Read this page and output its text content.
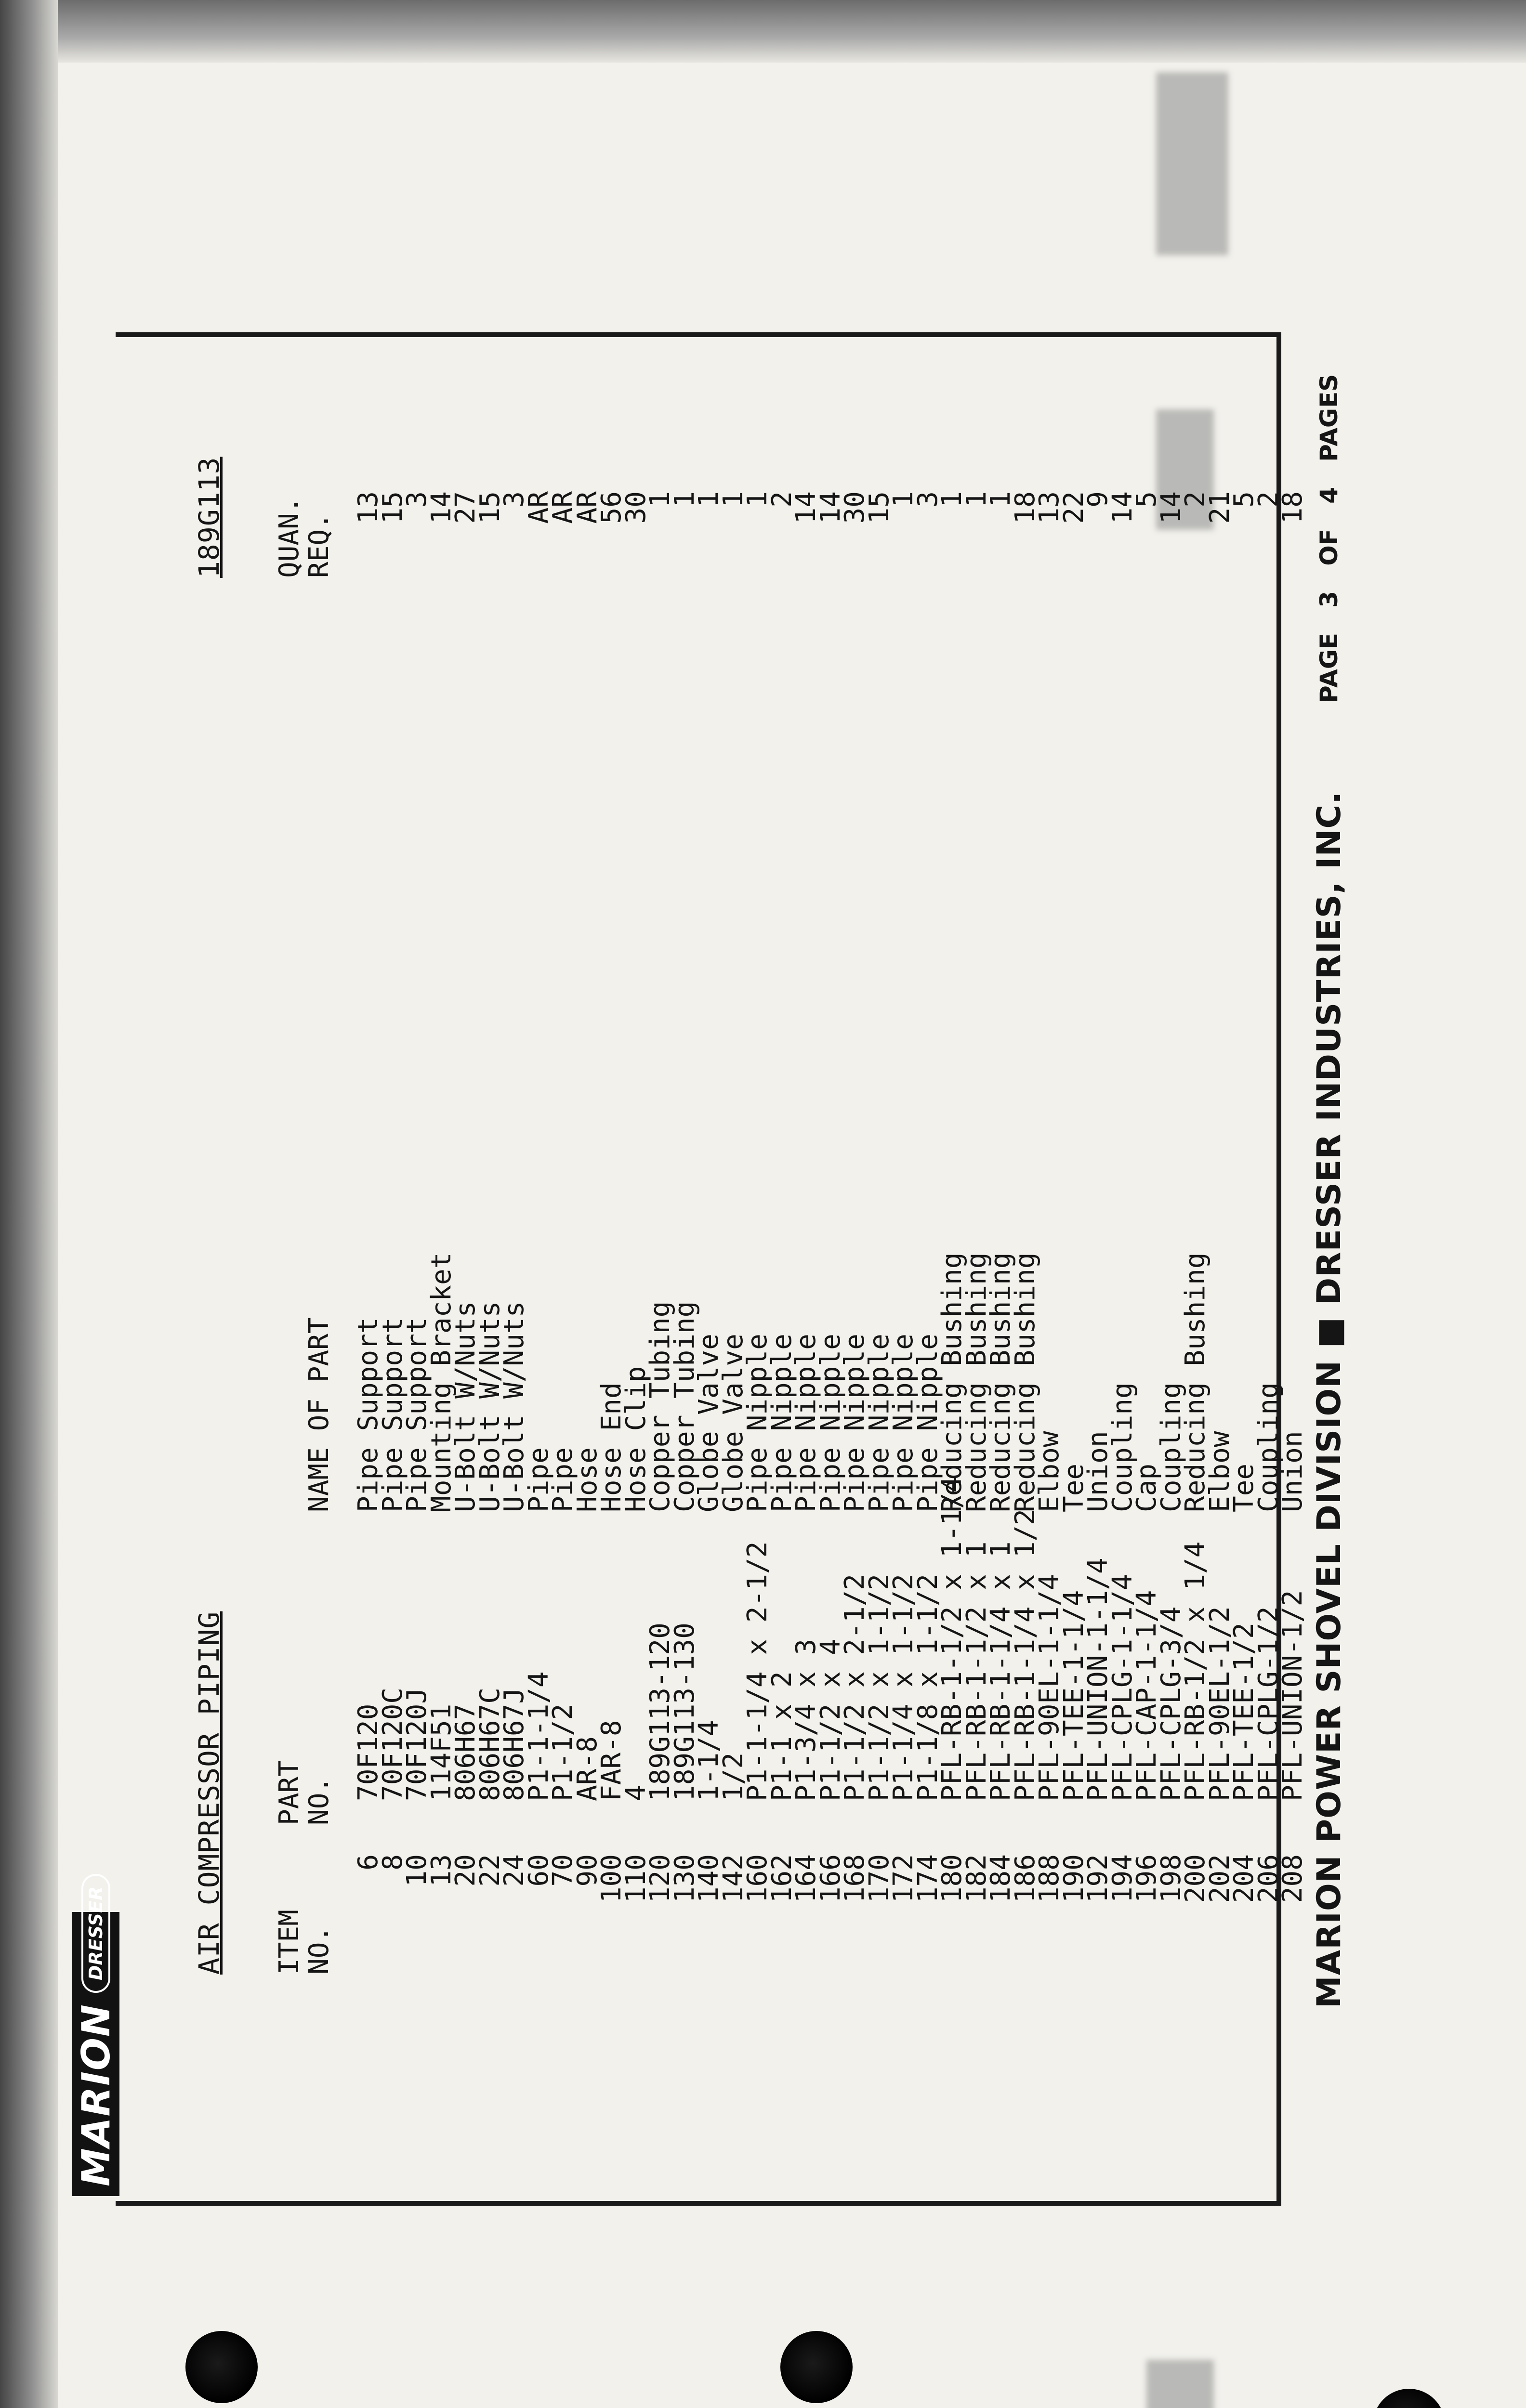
MARION
DRESSER	AIR COMPRESSOR PIPING
189G113
ITEM
NO.
PART
NO.
NAME OF PART
QUAN.
REQ.
6
8
10
13
20
22
24
60
70
90
100
110
120
130
140
142
160
162
164
166
168
170
172
174
180
182
184
186
188
190
192
194
196
198
200
202
204
206
208
70F120
70F120C
70F120J
114F51
806H67
806H67C
806H67J
P1-1-1/4
P1-1/2
AR-8
FAR-8
4
189G113-120
189G113-130
1-1/4
1/2
P1-1-1/4 x 2-1/2
P1-1 x 2
P1-3/4 x 3
P1-1/2 x 4
P1-1/2 x 2-1/2
P1-1/2 x 1-1/2
P1-1/4 x 1-1/2
P1-1/8 x 1-1/2
PFL-RB-1-1/2 x 1-1/4
PFL-RB-1-1/2 x 1
PFL-RB-1-1/4 x 1
PFL-RB-1-1/4 x 1/2
PFL-90EL-1-1/4
PFL-TEE-1-1/4
PFL-UNION-1-1/4
PFL-CPLG-1-1/4
PFL-CAP-1-1/4
PFL-CPLG-3/4
PFL-RB-1/2 x 1/4
PFL-90EL-1/2
PFL-TEE-1/2
PFL-CPLG-1/2
PFL-UNION-1/2
Pipe Support
Pipe Support
Pipe Support
Mounting Bracket
U-Bolt W/Nuts
U-Bolt W/Nuts
U-Bolt W/Nuts
Pipe
Pipe
Hose
Hose End
Hose Clip
Copper Tubing
Copper Tubing
Globe Valve
Globe Valve
Pipe Nipple
Pipe Nipple
Pipe Nipple
Pipe Nipple
Pipe Nipple
Pipe Nipple
Pipe Nipple
Pipe Nipple
Reducing Bushing
Reducing Bushing
Reducing Bushing
Reducing Bushing
Elbow
Tee
Union
Coupling
Cap
Coupling
Reducing Bushing
Elbow
Tee
Coupling
Union
13
15
3
14
27
15
3
AR
AR
AR
56
30
1
1
1
1
1
2
14
14
30
15
1
3
1
1
1
18
13
22
9
14
5
14
2
21
5
2
18
MARION POWER SHOVEL DIVISION ■ DRESSER INDUSTRIES, INC.
PAGE   3   OF   4   PAGES
